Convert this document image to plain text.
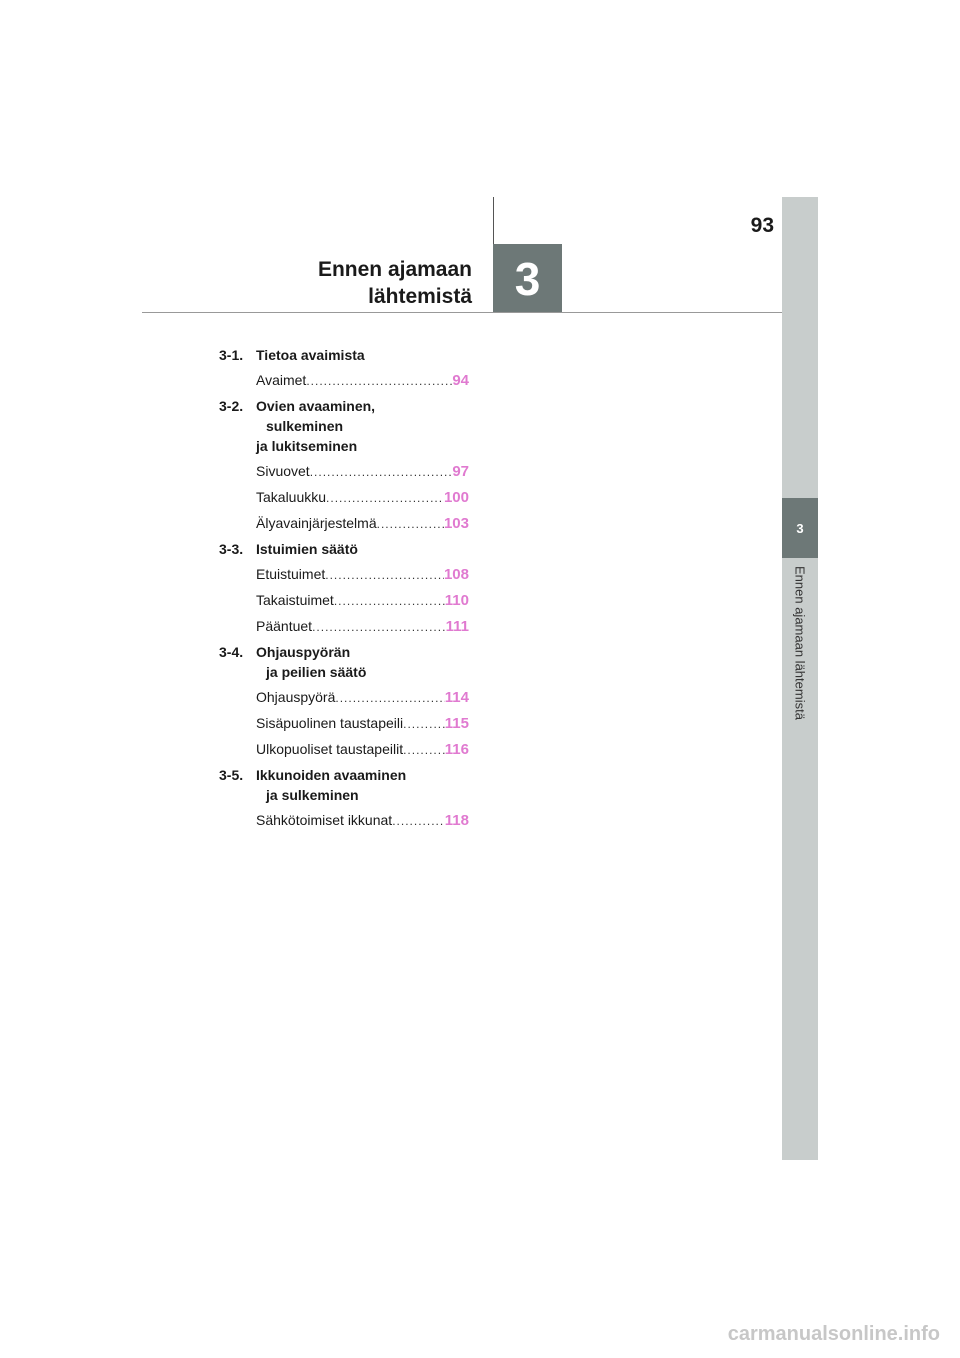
93
3
Ennen ajamaan
lähtemistä
3
Ennen ajamaan lähtemistä
3-1. Tietoa avaimista
Avaimet .....	94
3-2. Ovien avaaminen,
sulkeminen
ja lukitseminen
Sivuovet .....	97
Takaluukku .....	100
Älyavainjärjestelmä .....	103
3-3. Istuimien säätö
Etuistuimet .....	108
Takaistuimet .....	110
Pääntuet .....	111
3-4. Ohjauspyörän
ja peilien säätö
Ohjauspyörä .....	114
Sisäpuolinen taustapeili .....	115
Ulkopuoliset taustapeilit .....	116
3-5. Ikkunoiden avaaminen
ja sulkeminen
Sähkötoimiset ikkunat .....	118
carmanualsonline.info
